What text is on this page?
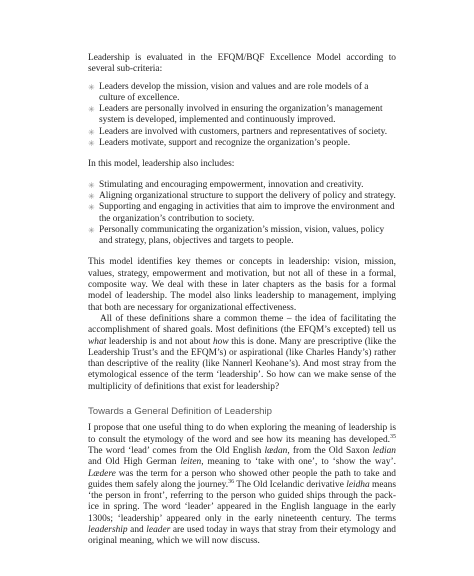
Leadership is evaluated in the EFQM/BQF Excellence Model according to several sub-criteria:

✳ Leaders develop the mission, vision and values and are role models of a culture of excellence.
✳ Leaders are personally involved in ensuring the organization’s management system is developed, implemented and continuously improved.
✳ Leaders are involved with customers, partners and representatives of society.
✳ Leaders motivate, support and recognize the organization’s people.

In this model, leadership also includes:

✳ Stimulating and encouraging empowerment, innovation and creativity.
✳ Aligning organizational structure to support the delivery of policy and strategy.
✳ Supporting and engaging in activities that aim to improve the environment and the organization’s contribution to society.
✳ Personally communicating the organization’s mission, vision, values, policy and strategy, plans, objectives and targets to people.

This model identifies key themes or concepts in leadership: vision, mission, values, strategy, empowerment and motivation, but not all of these in a formal, composite way. We deal with these in later chapters as the basis for a formal model of leadership. The model also links leadership to management, implying that both are necessary for organizational effectiveness.

All of these definitions share a common theme – the idea of facilitating the accomplishment of shared goals. Most definitions (the EFQM’s excepted) tell us what leadership is and not about how this is done. Many are prescriptive (like the Leadership Trust’s and the EFQM’s) or aspirational (like Charles Handy’s) rather than descriptive of the reality (like Nannerl Keohane’s). And most stray from the etymological essence of the term ‘leadership’. So how can we make sense of the multiplicity of definitions that exist for leadership?

Towards a General Definition of Leadership

I propose that one useful thing to do when exploring the meaning of leadership is to consult the etymology of the word and see how its meaning has developed.$^{35}$ The word ‘lead’ comes from the Old English lædan, from the Old Saxon ledian and Old High German leiten, meaning to ‘take with one’, to ‘show the way’. Lædere was the term for a person who showed other people the path to take and guides them safely along the journey.$^{36}$ The Old Icelandic derivative leidha means ‘the person in front’, referring to the person who guided ships through the pack-ice in spring. The word ‘leader’ appeared in the English language in the early 1300s; ‘leadership’ appeared only in the early nineteenth century. The terms leadership and leader are used today in ways that stray from their etymology and original meaning, which we will now discuss.
